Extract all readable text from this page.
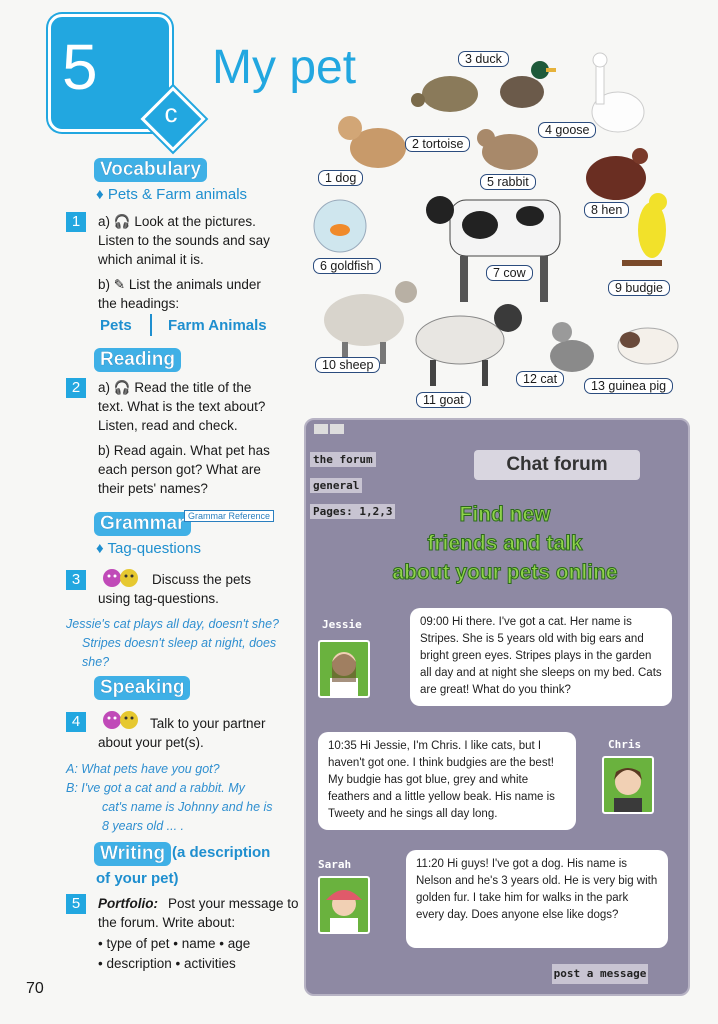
5
c
My pet	3 duck
4 goose
2 tortoise
1 dog	5 rabbit
8 hen
6 goldfish	7 cow
9 budgie
10 sheep
12 cat	13 guinea pig
11 goat
Vocabulary
♦ Pets & Farm animals
1	a) 🎧 Look at the pictures.
Listen to the sounds and say
which animal it is.
b) ✎ List the animals under
the headings:
Pets Farm Animals
Reading
2	a) 🎧 Read the title of the
text. What is the text about?
Listen, read and check.
b) Read again. What pet has
each person got? What are
their pets' names?
Grammar Grammar Reference
♦ Tag-questions
3	Discuss the pets
using tag-questions.
Jessie's cat plays all day, doesn't she?
Stripes doesn't sleep at night, does
she?
Speaking
4	Talk to your partner
about your pet(s).
A: What pets have you got?
B: I've got a cat and a rabbit. My
cat's name is Johnny and he is
8 years old ... .
Writing (a description
of your pet)
5	Portfolio: Post your message to
the forum. Write about:
• type of pet • name • age
• description • activities
70
the forum
general
Pages: 1,2,3
Chat forum
Find new
friends and talk
about your pets online
Jessie	09:00 Hi there. I've got a cat. Her name is Stripes. She is 5 years old with big ears and bright green eyes. Stripes plays in the garden all day and at night she sleeps on my bed. Cats are great! What do you think?
Chris
10:35 Hi Jessie, I'm Chris. I like cats, but I haven't got one. I think budgies are the best! My budgie has got blue, grey and white feathers and a little yellow beak. His name is Tweety and he sings all day long.
Sarah	11:20 Hi guys! I've got a dog. His name is Nelson and he's 3 years old. He is very big with golden fur. I take him for walks in the park every day. Does anyone else like dogs?
post a message
